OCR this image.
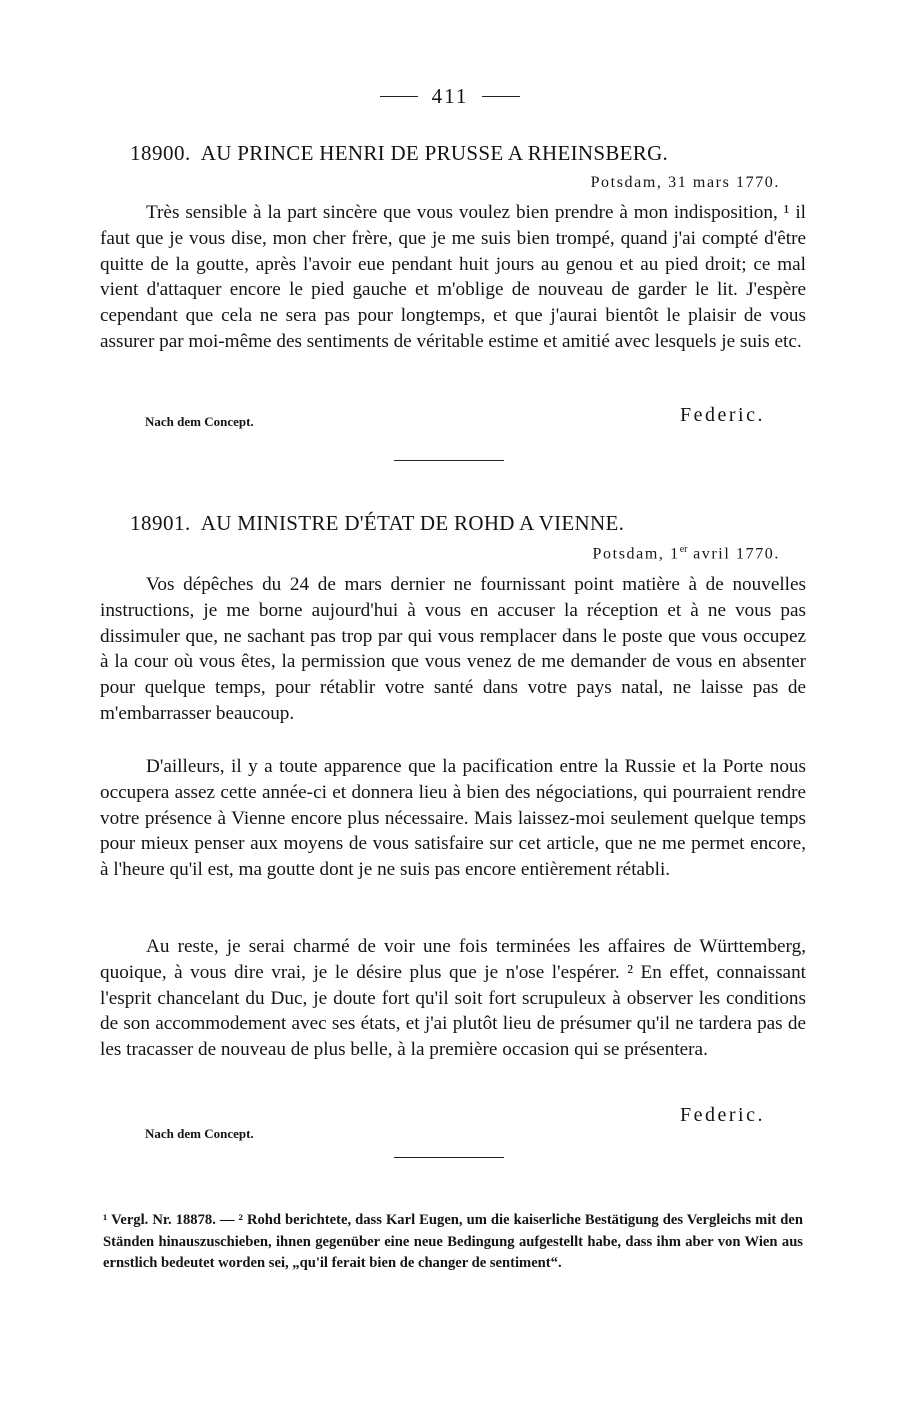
411
18900. AU PRINCE HENRI DE PRUSSE A RHEINSBERG.
Potsdam, 31 mars 1770.
Très sensible à la part sincère que vous voulez bien prendre à mon indisposition, ¹ il faut que je vous dise, mon cher frère, que je me suis bien trompé, quand j'ai compté d'être quitte de la goutte, après l'avoir eue pendant huit jours au genou et au pied droit; ce mal vient d'attaquer encore le pied gauche et m'oblige de nouveau de garder le lit. J'espère cependant que cela ne sera pas pour longtemps, et que j'aurai bientôt le plaisir de vous assurer par moi-même des sentiments de véritable estime et amitié avec lesquels je suis etc.
Nach dem Concept.	Federic.
18901. AU MINISTRE D'ÉTAT DE ROHD A VIENNE.
Potsdam, 1er avril 1770.
Vos dépêches du 24 de mars dernier ne fournissant point matière à de nouvelles instructions, je me borne aujourd'hui à vous en accuser la réception et à ne vous pas dissimuler que, ne sachant pas trop par qui vous remplacer dans le poste que vous occupez à la cour où vous êtes, la permission que vous venez de me demander de vous en absenter pour quelque temps, pour rétablir votre santé dans votre pays natal, ne laisse pas de m'embarrasser beaucoup.
D'ailleurs, il y a toute apparence que la pacification entre la Russie et la Porte nous occupera assez cette année-ci et donnera lieu à bien des négociations, qui pourraient rendre votre présence à Vienne encore plus nécessaire. Mais laissez-moi seulement quelque temps pour mieux penser aux moyens de vous satisfaire sur cet article, que ne me permet encore, à l'heure qu'il est, ma goutte dont je ne suis pas encore entièrement rétabli.
Au reste, je serai charmé de voir une fois terminées les affaires de Württemberg, quoique, à vous dire vrai, je le désire plus que je n'ose l'espérer. ² En effet, connaissant l'esprit chancelant du Duc, je doute fort qu'il soit fort scrupuleux à observer les conditions de son accommodement avec ses états, et j'ai plutôt lieu de présumer qu'il ne tardera pas de les tracasser de nouveau de plus belle, à la première occasion qui se présentera.
Federic.
Nach dem Concept.
¹ Vergl. Nr. 18878. — ² Rohd berichtete, dass Karl Eugen, um die kaiserliche Bestätigung des Vergleichs mit den Ständen hinauszuschieben, ihnen gegenüber eine neue Bedingung aufgestellt habe, dass ihm aber von Wien aus ernstlich bedeutet worden sei, „qu'il ferait bien de changer de sentiment“.
